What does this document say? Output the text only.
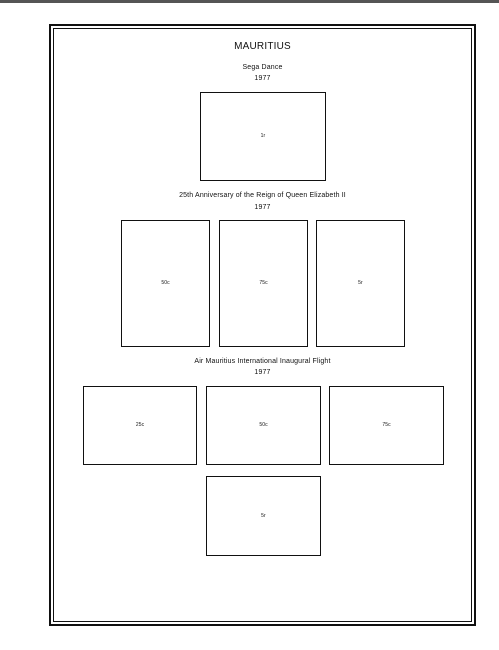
MAURITIUS
Sega Dance
1977
1r
25th Anniversary of the Reign of Queen Elizabeth II
1977
50c	75c	5r
Air Mauritius International Inaugural Flight
1977
25c	50c	75c
5r
